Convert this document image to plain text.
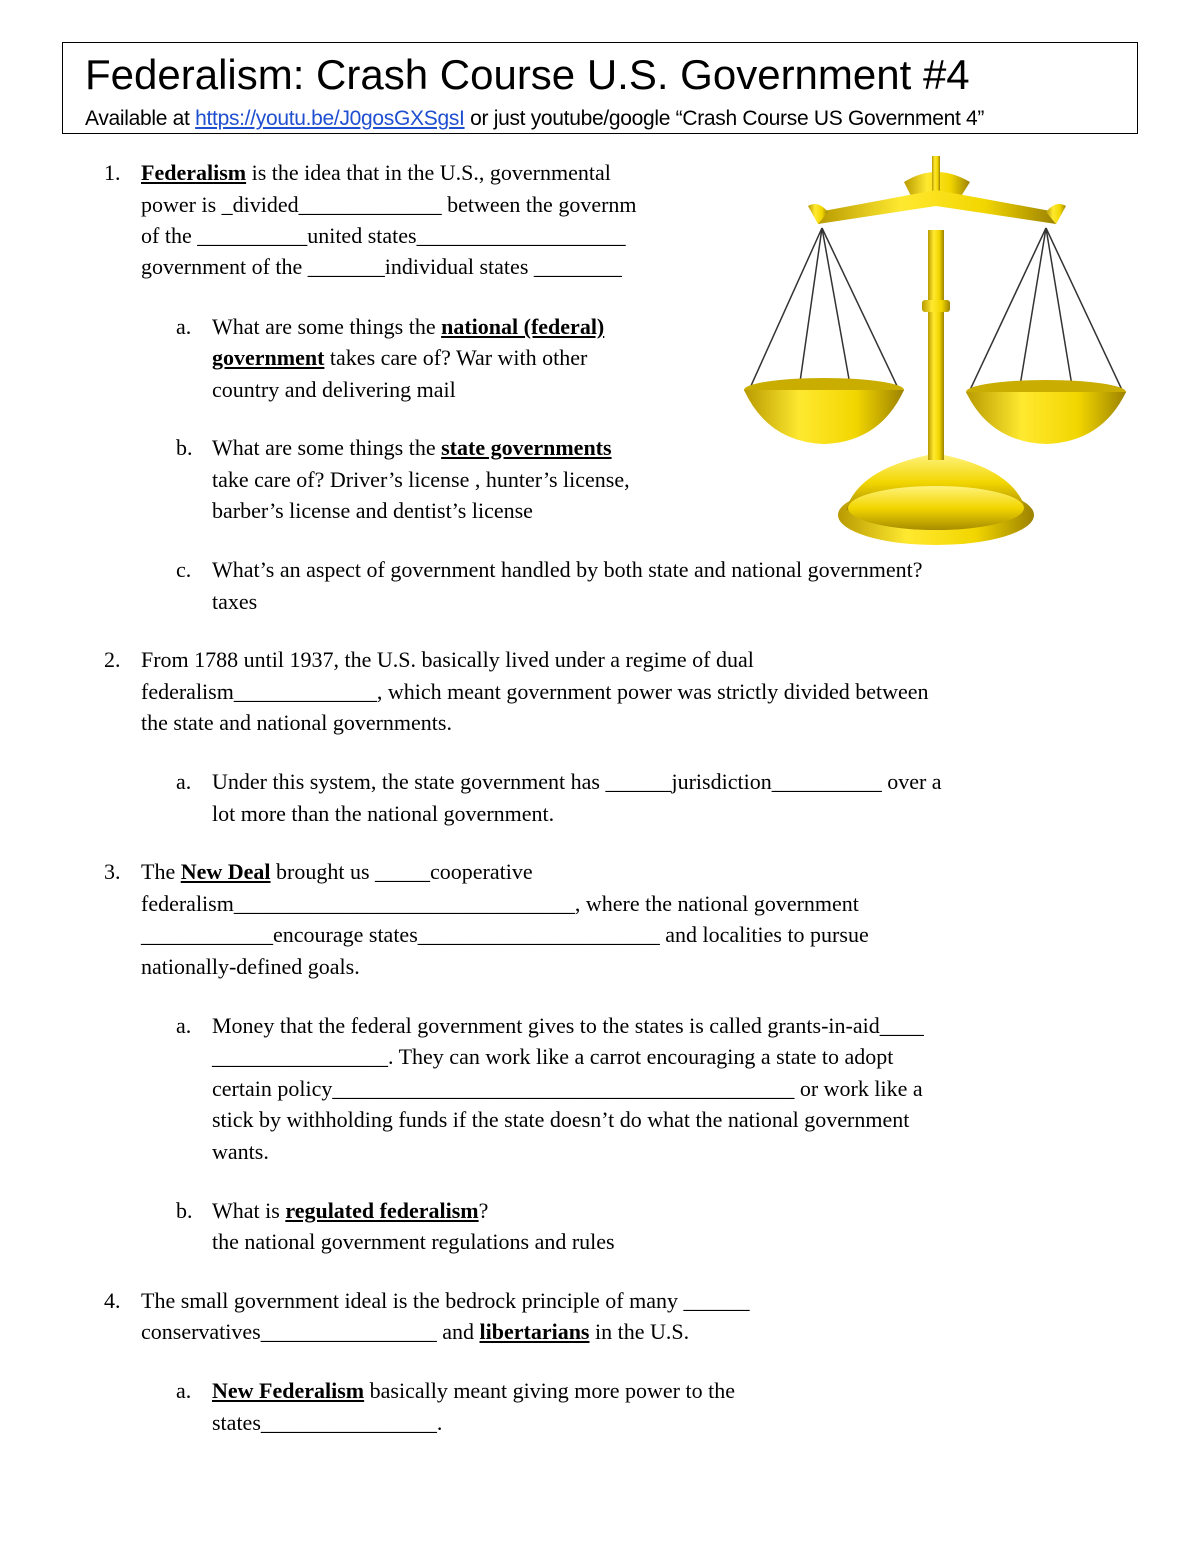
Federalism: Crash Course U.S. Government #4
Available at https://youtu.be/J0gosGXSgsI or just youtube/google “Crash Course US Government 4”
1. Federalism is the idea that in the U.S., governmental
power is _divided_____________ between the governm
of the __________united states___________________
government of the _______individual states ________
a. What are some things the national (federal)
government takes care of? War with other
country and delivering mail
b. What are some things the state governments
take care of? Driver’s license , hunter’s license,
barber’s license and dentist’s license
c. What’s an aspect of government handled by both state and national government?
taxes
2. From 1788 until 1937, the U.S. basically lived under a regime of dual
federalism_____________, which meant government power was strictly divided between
the state and national governments.
a. Under this system, the state government has ______jurisdiction__________ over a
lot more than the national government.
3. The New Deal brought us _____cooperative
federalism_______________________________, where the national government
____________encourage states______________________ and localities to pursue
nationally-defined goals.
a. Money that the federal government gives to the states is called grants-in-aid____
________________. They can work like a carrot encouraging a state to adopt
certain policy__________________________________________ or work like a
stick by withholding funds if the state doesn’t do what the national government
wants.
b. What is regulated federalism?
the national government regulations and rules
4. The small government ideal is the bedrock principle of many ______
conservatives________________ and libertarians in the U.S.
a. New Federalism basically meant giving more power to the
states________________.
